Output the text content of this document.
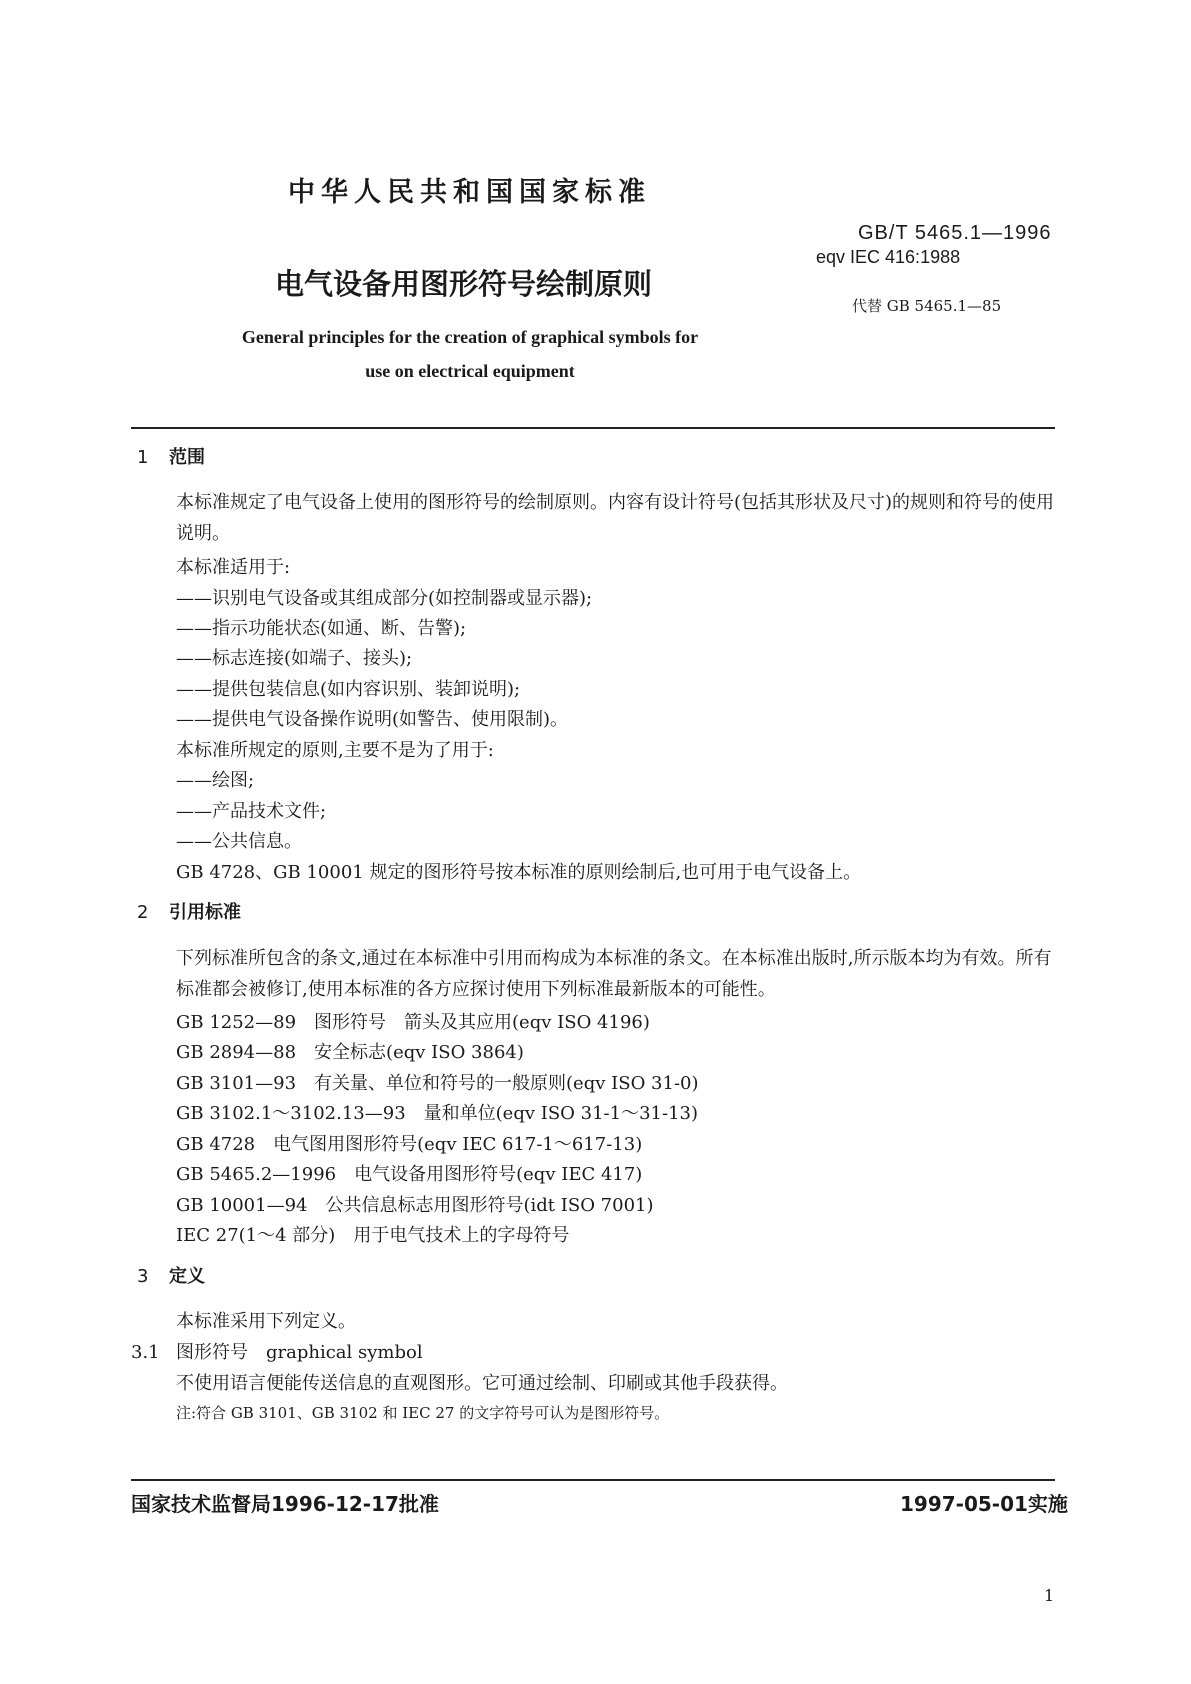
中华人民共和国国家标准
GB/T 5465.1—1996
eqv IEC 416:1988
电气设备用图形符号绘制原则
代替 GB 5465.1—85
General principles for the creation of graphical symbols for use on electrical equipment
1 范围
本标准规定了电气设备上使用的图形符号的绘制原则。内容有设计符号(包括其形状及尺寸)的规则和符号的使用说明。
本标准适用于:
——识别电气设备或其组成部分(如控制器或显示器);
——指示功能状态(如通、断、告警);
——标志连接(如端子、接头);
——提供包装信息(如内容识别、装卸说明);
——提供电气设备操作说明(如警告、使用限制)。
本标准所规定的原则,主要不是为了用于:
——绘图;
——产品技术文件;
——公共信息。
GB 4728、GB 10001 规定的图形符号按本标准的原则绘制后,也可用于电气设备上。
2 引用标准
下列标准所包含的条文,通过在本标准中引用而构成为本标准的条文。在本标准出版时,所示版本均为有效。所有标准都会被修订,使用本标准的各方应探讨使用下列标准最新版本的可能性。
GB 1252—89　图形符号　箭头及其应用(eqv ISO 4196)
GB 2894—88　安全标志(eqv ISO 3864)
GB 3101—93　有关量、单位和符号的一般原则(eqv ISO 31-0)
GB 3102.1～3102.13—93　量和单位(eqv ISO 31-1～31-13)
GB 4728　电气图用图形符号(eqv IEC 617-1～617-13)
GB 5465.2—1996　电气设备用图形符号(eqv IEC 417)
GB 10001—94　公共信息标志用图形符号(idt ISO 7001)
IEC 27(1～4 部分)　用于电气技术上的字母符号
3 定义
本标准采用下列定义。
3.1 图形符号　graphical symbol
不使用语言便能传送信息的直观图形。它可通过绘制、印刷或其他手段获得。
注:符合 GB 3101、GB 3102 和 IEC 27 的文字符号可认为是图形符号。
国家技术监督局1996-12-17批准	1997-05-01实施
1
